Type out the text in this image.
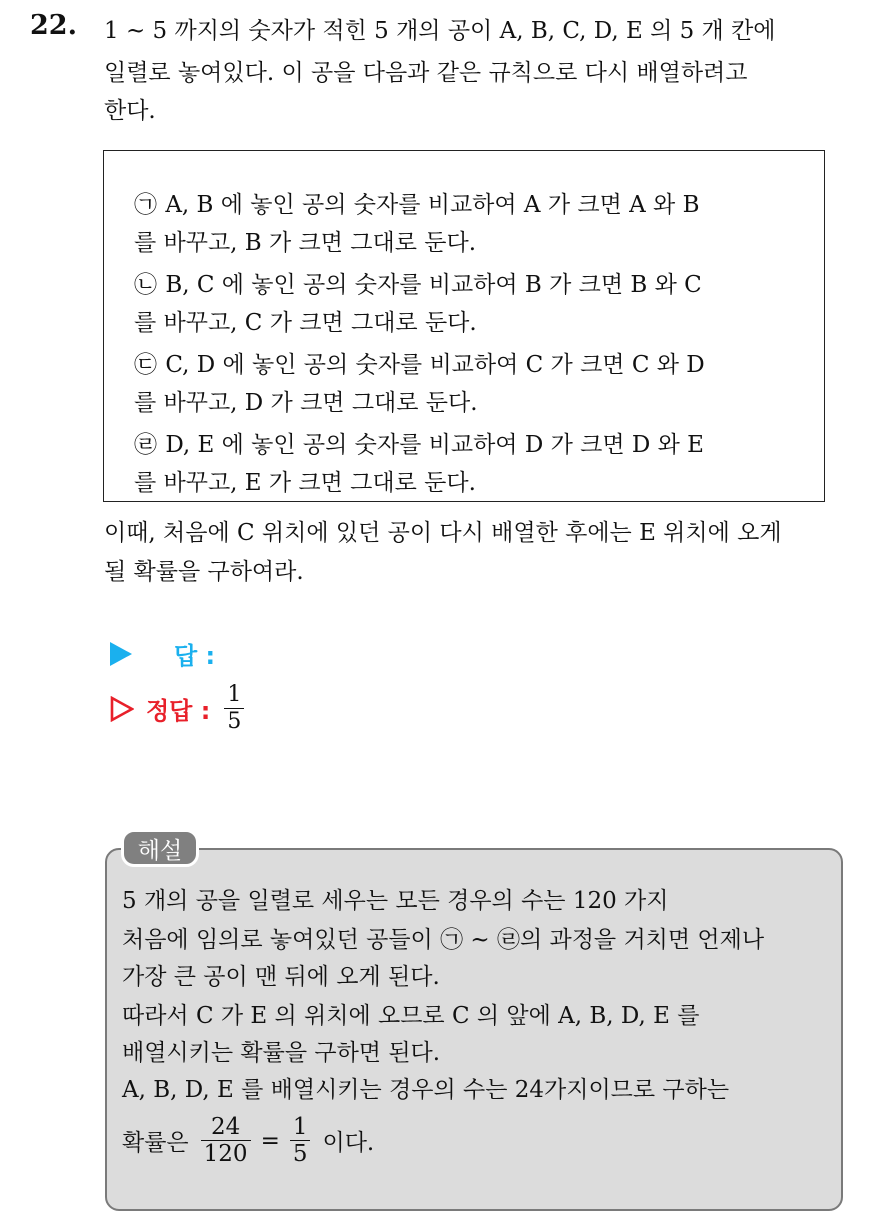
22. 1 ~ 5 까지의 숫자가 적힌 5 개의 공이 A, B, C, D, E 의 5 개 칸에
일렬로 놓여있다. 이 공을 다음과 같은 규칙으로 다시 배열하려고
한다.
㉠ A, B 에 놓인 공의 숫자를 비교하여 A 가 크면 A 와 B
를 바꾸고, B 가 크면 그대로 둔다.
㉡ B, C 에 놓인 공의 숫자를 비교하여 B 가 크면 B 와 C
를 바꾸고, C 가 크면 그대로 둔다.
㉢ C, D 에 놓인 공의 숫자를 비교하여 C 가 크면 C 와 D
를 바꾸고, D 가 크면 그대로 둔다.
㉣ D, E 에 놓인 공의 숫자를 비교하여 D 가 크면 D 와 E
를 바꾸고, E 가 크면 그대로 둔다.
이때, 처음에 C 위치에 있던 공이 다시 배열한 후에는 E 위치에 오게
될 확률을 구하여라.
답 :
정답 : $\frac{1}{5}$
해설
5 개의 공을 일렬로 세우는 모든 경우의 수는 120 가지
처음에 임의로 놓여있던 공들이 ㉠ ~ ㉣의 과정을 거치면 언제나
가장 큰 공이 맨 뒤에 오게 된다.
따라서 C 가 E 의 위치에 오므로 C 의 앞에 A, B, D, E 를
배열시키는 확률을 구하면 된다.
A, B, D, E 를 배열시키는 경우의 수는 24가지이므로 구하는
확률은 $\frac{24}{120} = \frac{1}{5}$ 이다.
